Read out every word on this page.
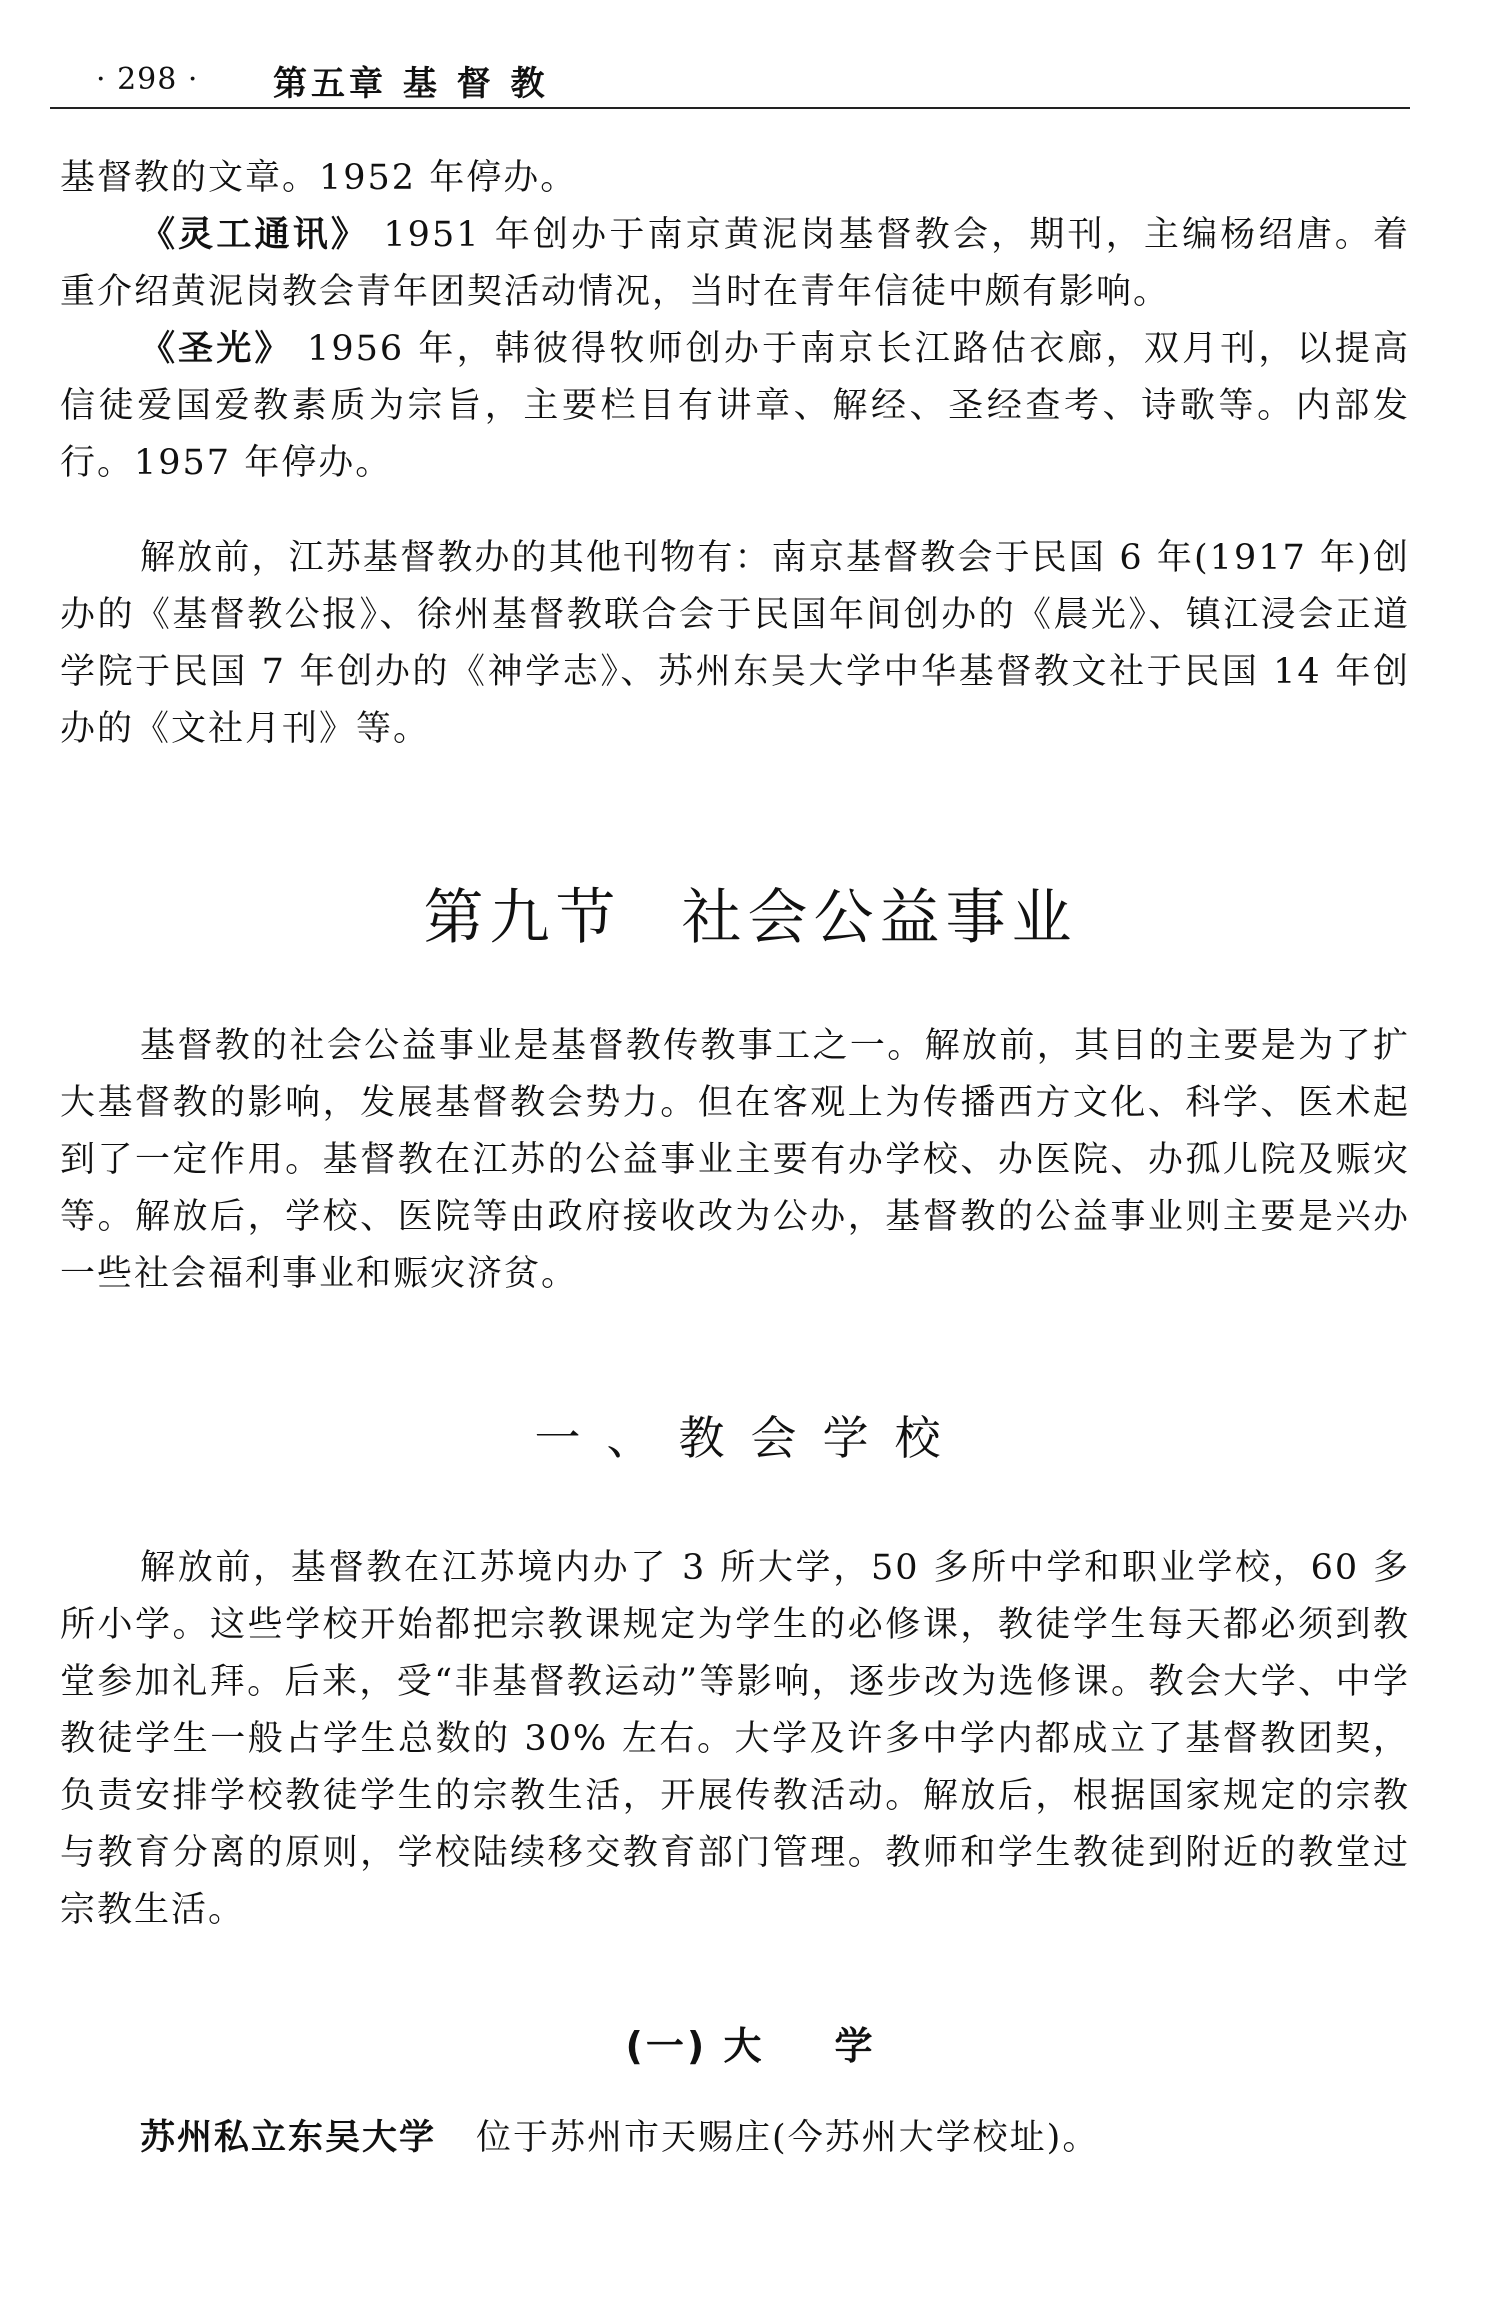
· 298 · 第五章 基 督 教

基督教的文章。1952 年停办。

《灵工通讯》 1951 年创办于南京黄泥岗基督教会，期刊，主编杨绍唐。着重介绍黄泥岗教会青年团契活动情况，当时在青年信徒中颇有影响。

《圣光》 1956 年，韩彼得牧师创办于南京长江路估衣廊，双月刊，以提高信徒爱国爱教素质为宗旨，主要栏目有讲章、解经、圣经查考、诗歌等。内部发行。1957 年停办。

解放前，江苏基督教办的其他刊物有：南京基督教会于民国 6 年(1917 年)创办的《基督教公报》、徐州基督教联合会于民国年间创办的《晨光》、镇江浸会正道学院于民国 7 年创办的《神学志》、苏州东吴大学中华基督教文社于民国 14 年创办的《文社月刊》等。

第九节 社会公益事业

基督教的社会公益事业是基督教传教事工之一。解放前，其目的主要是为了扩大基督教的影响，发展基督教会势力。但在客观上为传播西方文化、科学、医术起到了一定作用。基督教在江苏的公益事业主要有办学校、办医院、办孤儿院及赈灾等。解放后，学校、医院等由政府接收改为公办，基督教的公益事业则主要是兴办一些社会福利事业和赈灾济贫。

一、教会学校

解放前，基督教在江苏境内办了 3 所大学，50 多所中学和职业学校，60 多所小学。这些学校开始都把宗教课规定为学生的必修课，教徒学生每天都必须到教堂参加礼拜。后来，受“非基督教运动”等影响，逐步改为选修课。教会大学、中学教徒学生一般占学生总数的 30% 左右。大学及许多中学内都成立了基督教团契，负责安排学校教徒学生的宗教生活，开展传教活动。解放后，根据国家规定的宗教与教育分离的原则，学校陆续移交教育部门管理。教师和学生教徒到附近的教堂过宗教生活。

(一) 大 学

苏州私立东吴大学 位于苏州市天赐庄(今苏州大学校址)。
